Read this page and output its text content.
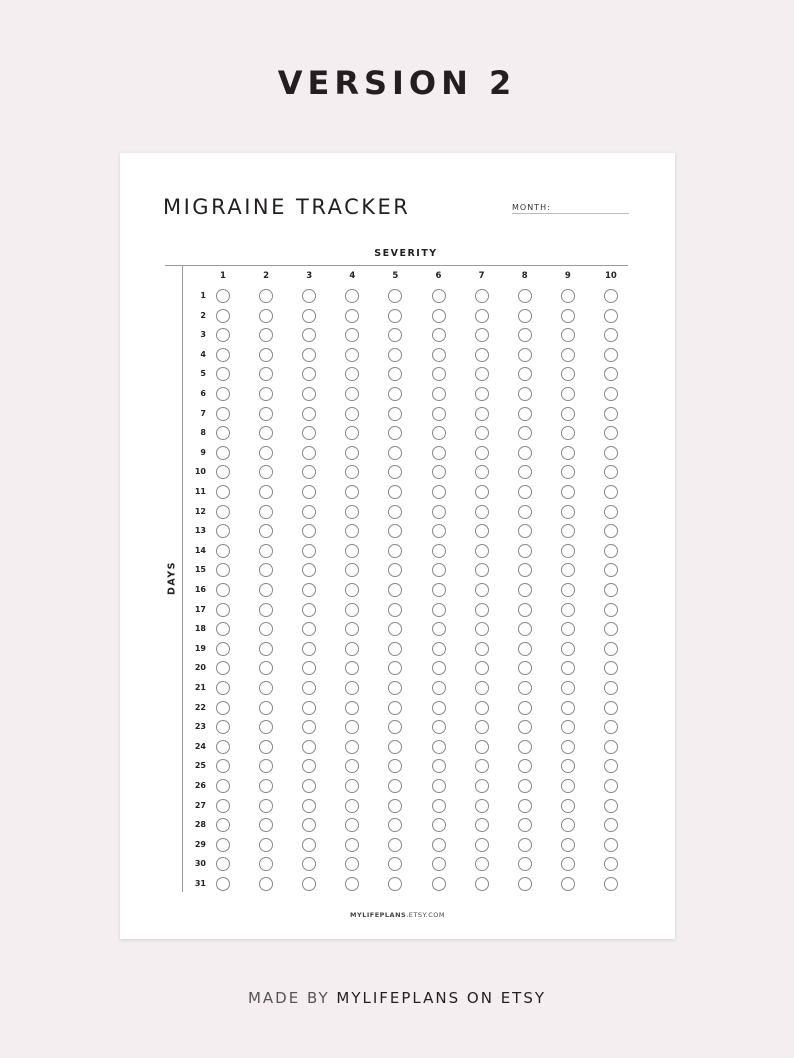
VERSION 2
MIGRAINE TRACKER	MONTH:
SEVERITY
DAYS
1	2	3	4	5	6	7	8	9	10
1
2
3
4
5
6
7
8
9
10
11
12
13
14
15
16
17
18
19
20
21
22
23
24
25
26
27
28
29
30
31
MYLIFEPLANS.ETSY.COM
MADE BY MYLIFEPLANS ON ETSY
